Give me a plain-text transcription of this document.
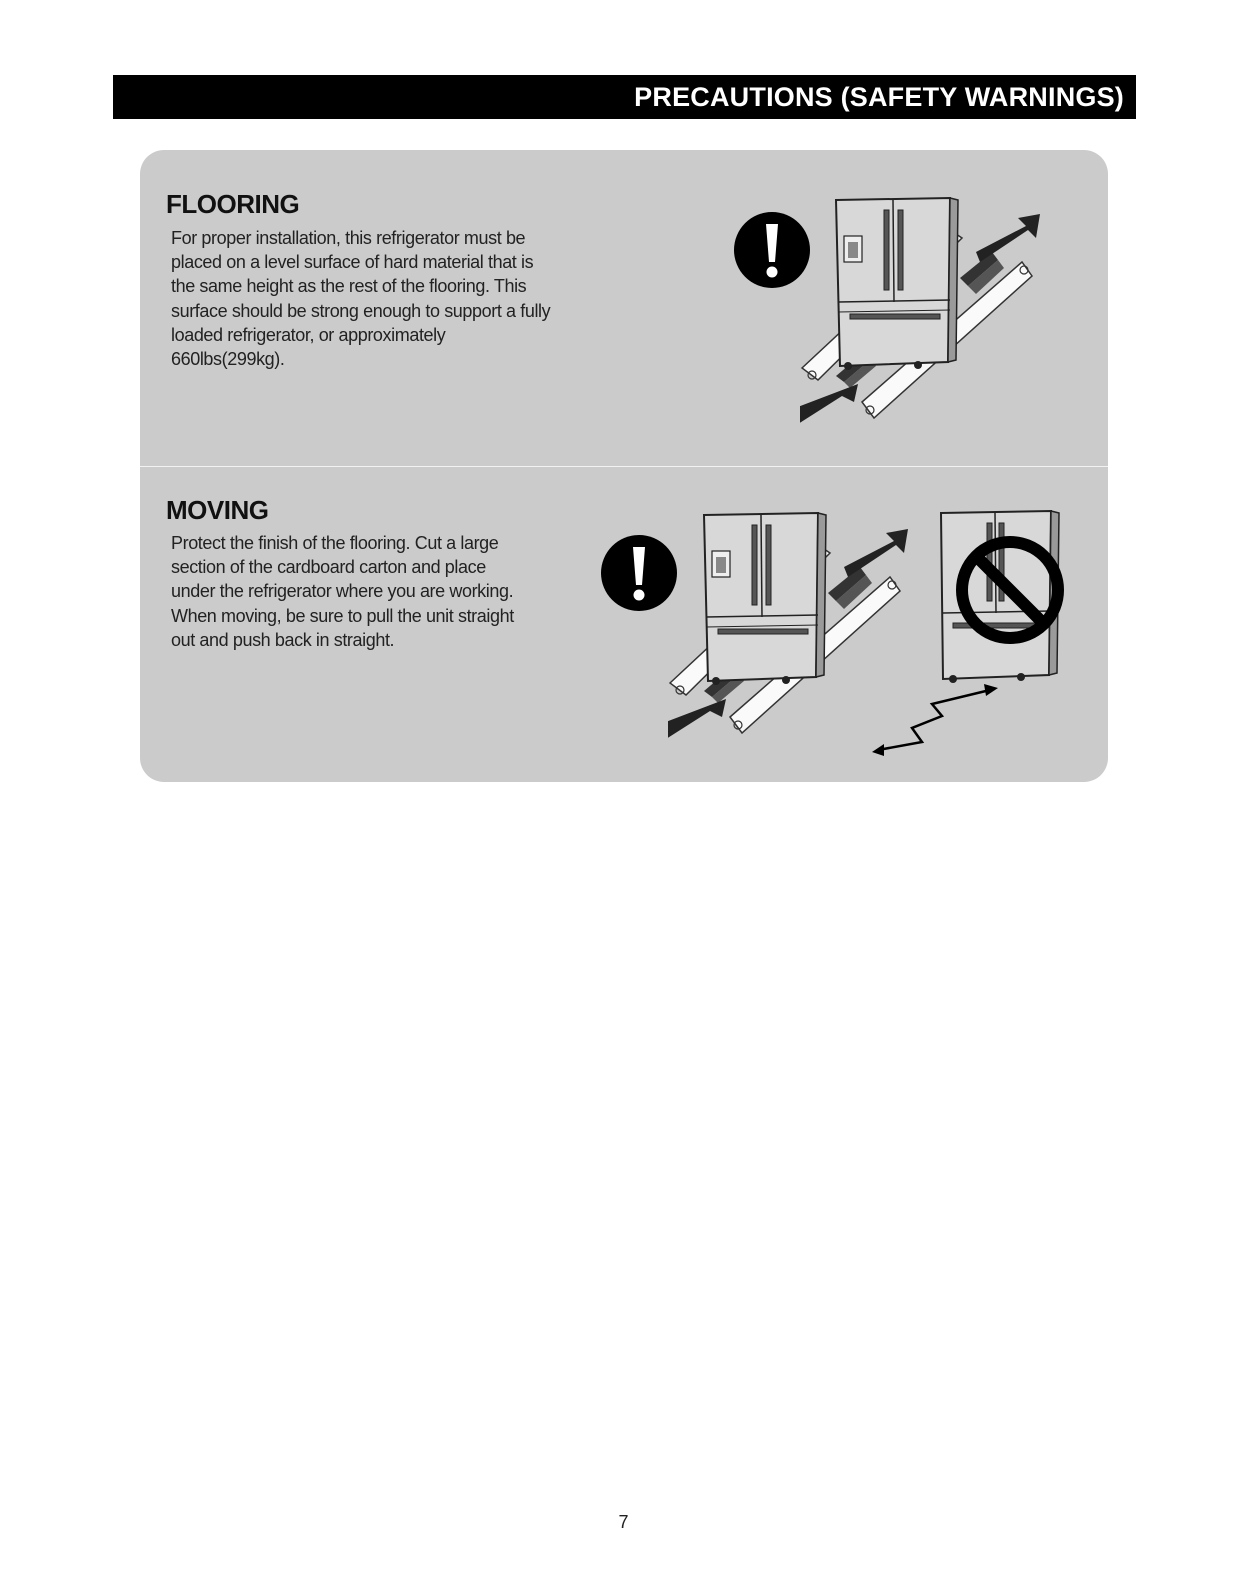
PRECAUTIONS (SAFETY WARNINGS)
FLOORING
For proper installation, this refrigerator must be
placed on a level surface of hard material that is
the same height as the rest of the flooring. This
surface should be strong enough to support a fully
loaded refrigerator, or approximately
660lbs(299kg).
MOVING
Protect the finish of the flooring. Cut a large
section of the cardboard carton and place
under the refrigerator where you are working.
When moving, be sure to pull the unit straight
out and push back in straight.
7
